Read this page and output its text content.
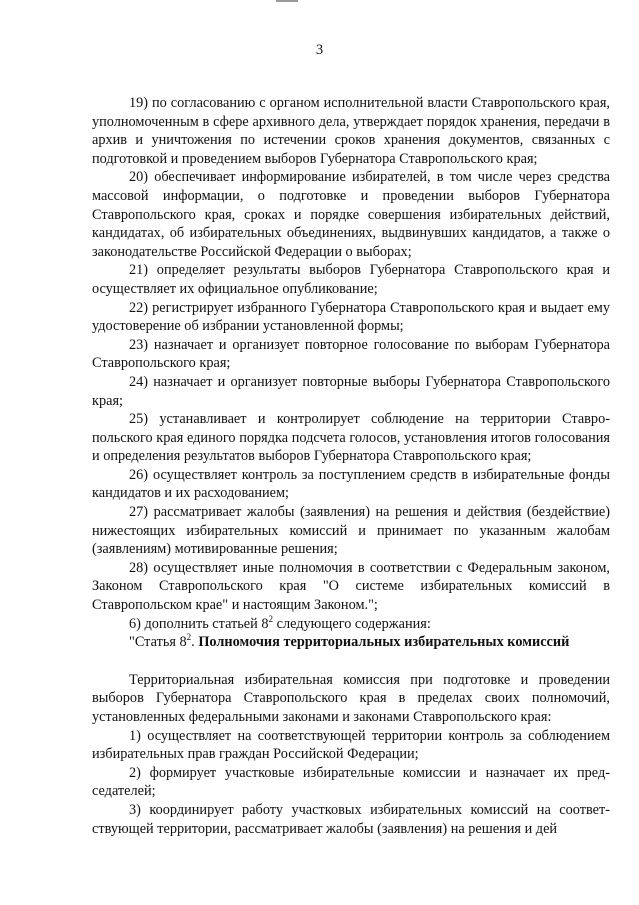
3

19) по согласованию с органом исполнительной власти Ставропольского края, уполномоченным в сфере архивного дела, утверждает порядок хранения, передачи в архив и уничтожения по истечении сроков хранения документов, связанных с подготовкой и проведением выборов Губернатора Ставропольского края;

20) обеспечивает информирование избирателей, в том числе через средства массовой информации, о подготовке и проведении выборов Губернатора Ставропольского края, сроках и порядке совершения избирательных действий, кандидатах, об избирательных объединениях, выдвинувших кандидатов, а также о законодательстве Российской Федерации о выборах;

21) определяет результаты выборов Губернатора Ставропольского края и осуществляет их официальное опубликование;

22) регистрирует избранного Губернатора Ставропольского края и выдает ему удостоверение об избрании установленной формы;

23) назначает и организует повторное голосование по выборам Губернатора Ставропольского края;

24) назначает и организует повторные выборы Губернатора Ставропольского края;

25) устанавливает и контролирует соблюдение на территории Ставропольского края единого порядка подсчета голосов, установления итогов голосования и определения результатов выборов Губернатора Ставропольского края;

26) осуществляет контроль за поступлением средств в избирательные фонды кандидатов и их расходованием;

27) рассматривает жалобы (заявления) на решения и действия (бездействие) нижестоящих избирательных комиссий и принимает по указанным жалобам (заявлениям) мотивированные решения;

28) осуществляет иные полномочия в соответствии с Федеральным законом, Законом Ставропольского края "О системе избирательных комиссий в Ставропольском крае" и настоящим Законом.";

6) дополнить статьей $8^2$ следующего содержания:

"Статья $8^2$. Полномочия территориальных избирательных комиссий

Территориальная избирательная комиссия при подготовке и проведении выборов Губернатора Ставропольского края в пределах своих полномочий, установленных федеральными законами и законами Ставропольского края:

1) осуществляет на соответствующей территории контроль за соблюдением избирательных прав граждан Российской Федерации;

2) формирует участковые избирательные комиссии и назначает их председателей;

3) координирует работу участковых избирательных комиссий на соответствующей территории, рассматривает жалобы (заявления) на решения и дей
